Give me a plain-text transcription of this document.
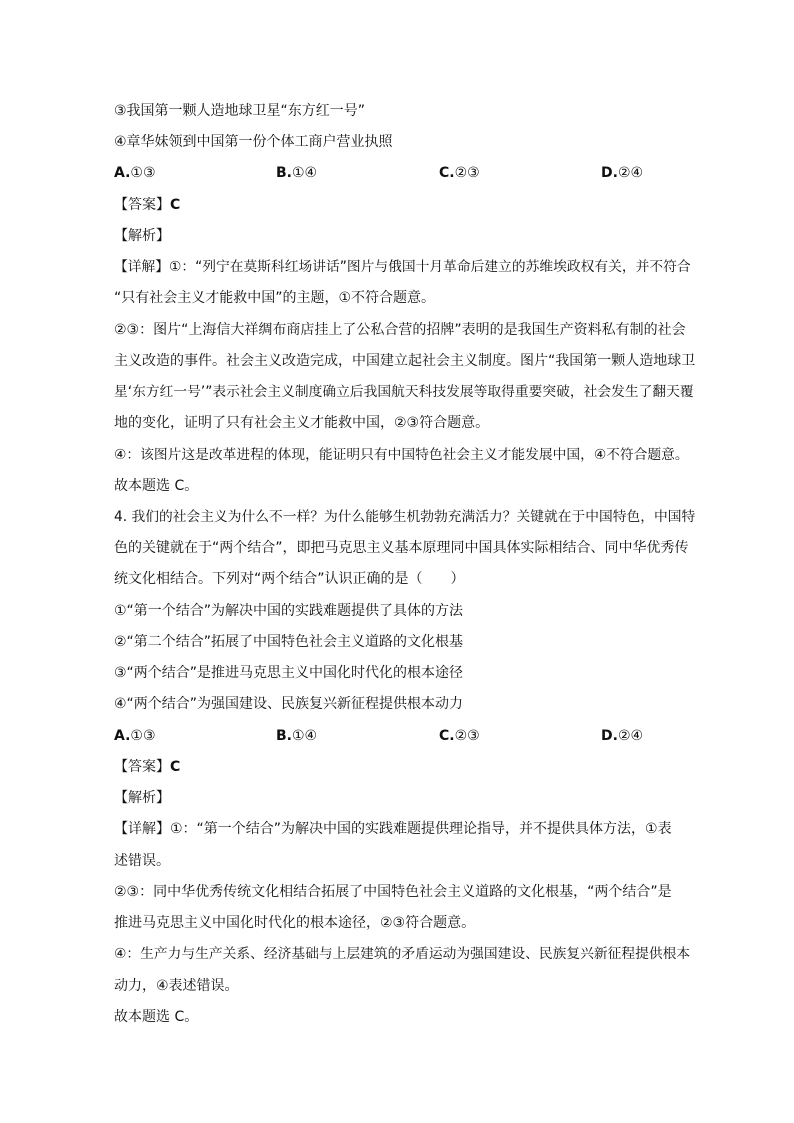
③我国第一颗人造地球卫星“东方红一号”
④章华妹领到中国第一份个体工商户营业执照
A.①③	B.①④	C.②③	D.②④
【答案】C
【解析】
【详解】①：“列宁在莫斯科红场讲话”图片与俄国十月革命后建立的苏维埃政权有关，并不符合
“只有社会主义才能救中国”的主题，①不符合题意。
②③：图片“上海信大祥绸布商店挂上了公私合营的招牌”表明的是我国生产资料私有制的社会
主义改造的事件。社会主义改造完成，中国建立起社会主义制度。图片“我国第一颗人造地球卫
星‘东方红一号’”表示社会主义制度确立后我国航天科技发展等取得重要突破，社会发生了翻天覆
地的变化，证明了只有社会主义才能救中国，②③符合题意。
④：该图片这是改革进程的体现，能证明只有中国特色社会主义才能发展中国，④不符合题意。
故本题选 C。
4. 我们的社会主义为什么不一样？为什么能够生机勃勃充满活力？关键就在于中国特色，中国特
色的关键就在于“两个结合”，即把马克思主义基本原理同中国具体实际相结合、同中华优秀传
统文化相结合。下列对“两个结合”认识正确的是（　　）
①“第一个结合”为解决中国的实践难题提供了具体的方法
②“第二个结合”拓展了中国特色社会主义道路的文化根基
③“两个结合”是推进马克思主义中国化时代化的根本途径
④“两个结合”为强国建设、民族复兴新征程提供根本动力
A.①③	B.①④	C.②③	D.②④
【答案】C
【解析】
【详解】①：“第一个结合”为解决中国的实践难题提供理论指导，并不提供具体方法，①表
述错误。
②③：同中华优秀传统文化相结合拓展了中国特色社会主义道路的文化根基，“两个结合”是
推进马克思主义中国化时代化的根本途径，②③符合题意。
④：生产力与生产关系、经济基础与上层建筑的矛盾运动为强国建设、民族复兴新征程提供根本
动力，④表述错误。
故本题选 C。
